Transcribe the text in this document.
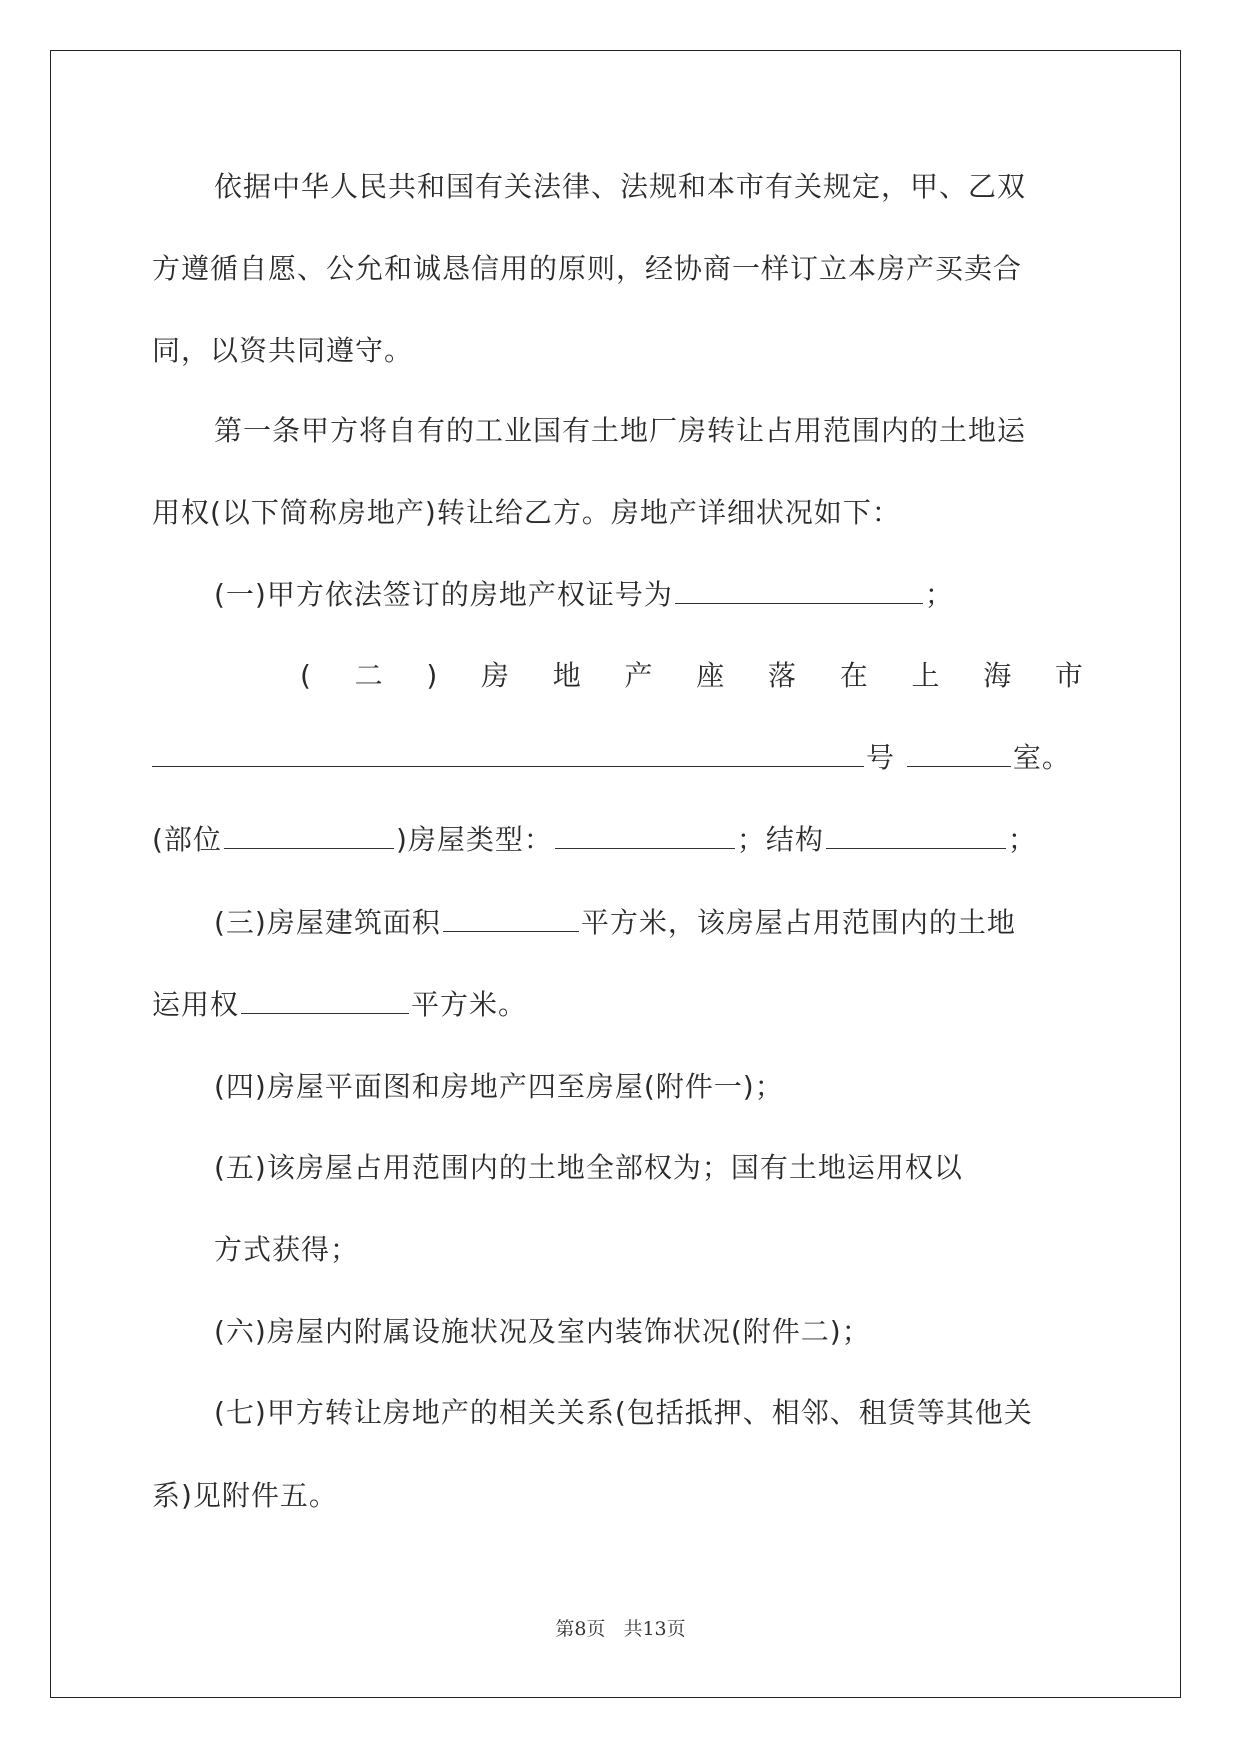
依据中华人民共和国有关法律、法规和本市有关规定，甲、乙双
方遵循自愿、公允和诚恳信用的原则，经协商一样订立本房产买卖合
同，以资共同遵守。
第一条甲方将自有的工业国有土地厂房转让占用范围内的土地运
用权(以下简称房地产)转让给乙方。房地产详细状况如下：
(一)甲方依法签订的房地产权证号为	；
( 二 ) 房 地 产 座 落 在 上 海 市
号	室。
(部位	)房屋类型：	；结构	；
(三)房屋建筑面积	平方米，该房屋占用范围内的土地
运用权	平方米。
(四)房屋平面图和房地产四至房屋(附件一)；
(五)该房屋占用范围内的土地全部权为；国有土地运用权以
方式获得；
(六)房屋内附属设施状况及室内装饰状况(附件二)；
(七)甲方转让房地产的相关关系(包括抵押、相邻、租赁等其他关
系)见附件五。
第8页 共13页
